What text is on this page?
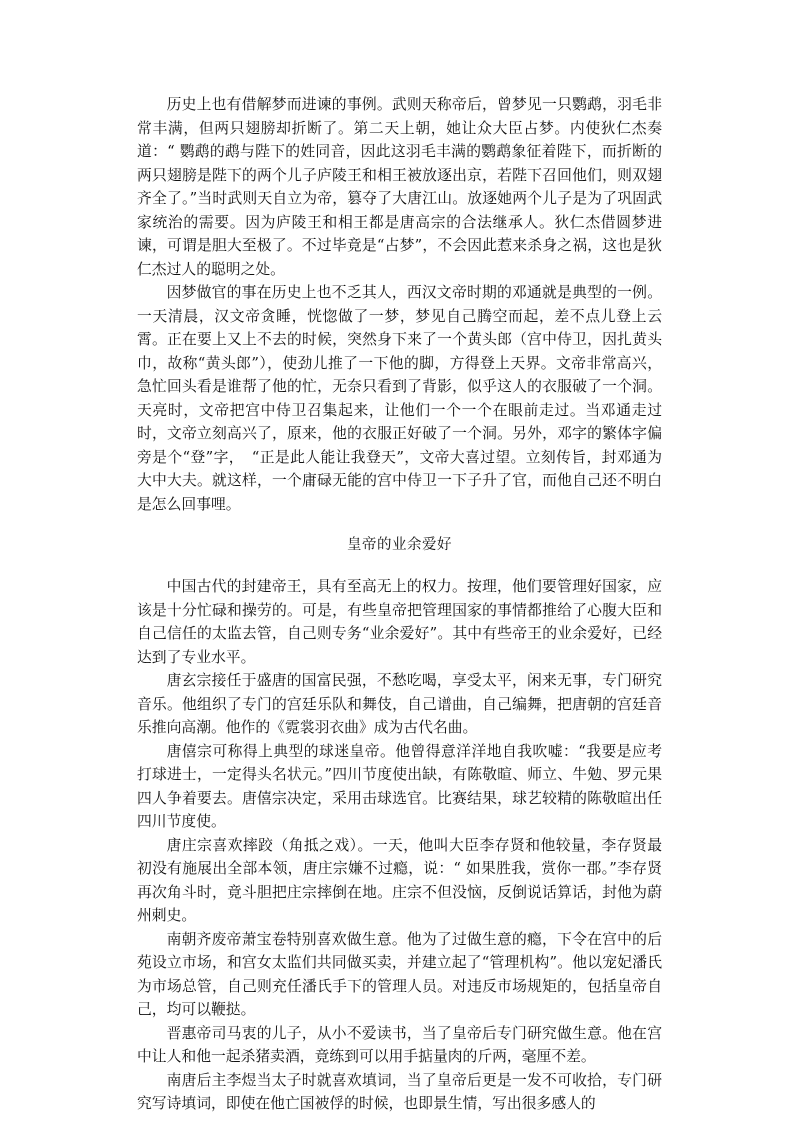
历史上也有借解梦而进谏的事例。武则天称帝后，曾梦见一只鹦鹉，羽毛非常丰满，但两只翅膀却折断了。第二天上朝，她让众大臣占梦。内使狄仁杰奏道：“ 鹦鹉的鹉与陛下的姓同音，因此这羽毛丰满的鹦鹉象征着陛下，而折断的两只翅膀是陛下的两个儿子庐陵王和相王被放逐出京，若陛下召回他们，则双翅齐全了。”当时武则天自立为帝，篡夺了大唐江山。放逐她两个儿子是为了巩固武家统治的需要。因为庐陵王和相王都是唐高宗的合法继承人。狄仁杰借圆梦进谏，可谓是胆大至极了。不过毕竟是“占梦”，不会因此惹来杀身之祸，这也是狄仁杰过人的聪明之处。

因梦做官的事在历史上也不乏其人，西汉文帝时期的邓通就是典型的一例。一天清晨，汉文帝贪睡，恍惚做了一梦，梦见自己腾空而起，差不点儿登上云霄。正在要上又上不去的时候，突然身下来了一个黄头郎（宫中侍卫，因扎黄头巾，故称“黄头郎”），使劲儿推了一下他的脚，方得登上天界。文帝非常高兴，急忙回头看是谁帮了他的忙，无奈只看到了背影，似乎这人的衣服破了一个洞。天亮时，文帝把宫中侍卫召集起来，让他们一个一个在眼前走过。当邓通走过时，文帝立刻高兴了，原来，他的衣服正好破了一个洞。另外，邓字的繁体字偏旁是个“登”字，　“正是此人能让我登天”，文帝大喜过望。立刻传旨，封邓通为大中大夫。就这样，一个庸碌无能的宫中侍卫一下子升了官，而他自己还不明白是怎么回事哩。

皇帝的业余爱好

中国古代的封建帝王，具有至高无上的权力。按理，他们要管理好国家，应该是十分忙碌和操劳的。可是，有些皇帝把管理国家的事情都推给了心腹大臣和自己信任的太监去管，自己则专务“业余爱好”。其中有些帝王的业余爱好，已经达到了专业水平。

唐玄宗接任于盛唐的国富民强，不愁吃喝，享受太平，闲来无事，专门研究音乐。他组织了专门的宫廷乐队和舞伎，自己谱曲，自己编舞，把唐朝的宫廷音乐推向高潮。他作的《霓裳羽衣曲》成为古代名曲。

唐僖宗可称得上典型的球迷皇帝。他曾得意洋洋地自我吹嘘：“我要是应考打球进士，一定得头名状元。”四川节度使出缺，有陈敬暄、师立、牛勉、罗元果四人争着要去。唐僖宗决定，采用击球选官。比赛结果，球艺较精的陈敬暄出任四川节度使。

唐庄宗喜欢摔跤（角抵之戏）。一天，他叫大臣李存贤和他较量，李存贤最初没有施展出全部本领，唐庄宗嫌不过瘾，说：“ 如果胜我，赏你一郡。”李存贤再次角斗时，竟斗胆把庄宗摔倒在地。庄宗不但没恼，反倒说话算话，封他为蔚州刺史。

南朝齐废帝萧宝卷特别喜欢做生意。他为了过做生意的瘾，下令在宫中的后苑设立市场，和宫女太监们共同做买卖，并建立起了“管理机构”。他以宠妃潘氏为市场总管，自己则充任潘氏手下的管理人员。对违反市场规矩的，包括皇帝自己，均可以鞭挞。

晋惠帝司马衷的儿子，从小不爱读书，当了皇帝后专门研究做生意。他在宫中让人和他一起杀猪卖酒，竟练到可以用手掂量肉的斤两，毫厘不差。

南唐后主李煜当太子时就喜欢填词，当了皇帝后更是一发不可收拾，专门研究写诗填词，即使在他亡国被俘的时候，也即景生情，写出很多感人的
